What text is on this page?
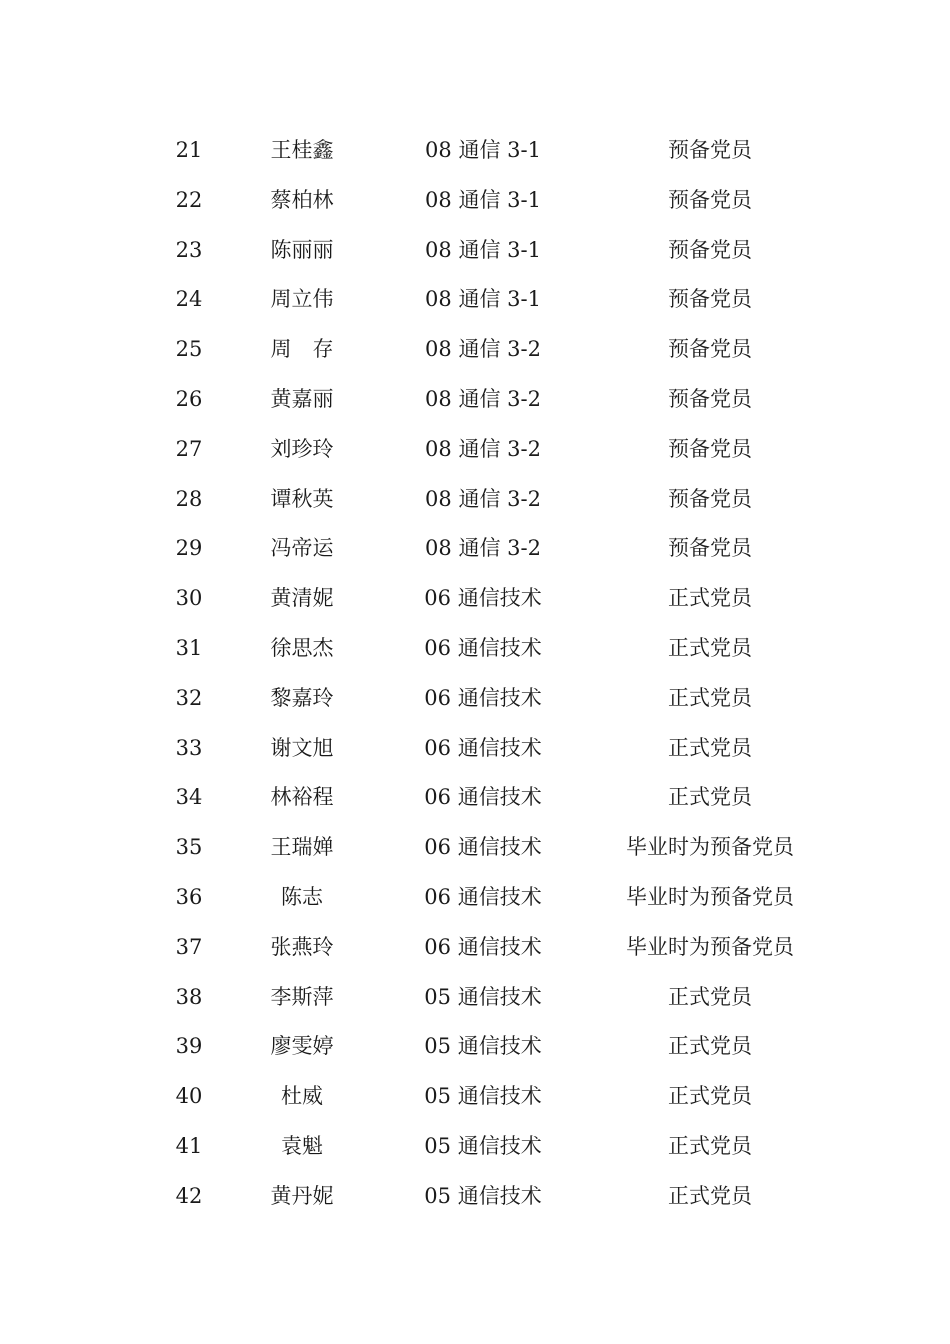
21	王桂鑫	08 通信 3-1	预备党员
22	蔡柏林	08 通信 3-1	预备党员
23	陈丽丽	08 通信 3-1	预备党员
24	周立伟	08 通信 3-1	预备党员
25	周　存	08 通信 3-2	预备党员
26	黄嘉丽	08 通信 3-2	预备党员
27	刘珍玲	08 通信 3-2	预备党员
28	谭秋英	08 通信 3-2	预备党员
29	冯帝运	08 通信 3-2	预备党员
30	黄清妮	06 通信技术	正式党员
31	徐思杰	06 通信技术	正式党员
32	黎嘉玲	06 通信技术	正式党员
33	谢文旭	06 通信技术	正式党员
34	林裕程	06 通信技术	正式党员
35	王瑞婵	06 通信技术	毕业时为预备党员
36	陈志	06 通信技术	毕业时为预备党员
37	张燕玲	06 通信技术	毕业时为预备党员
38	李斯萍	05 通信技术	正式党员
39	廖雯婷	05 通信技术	正式党员
40	杜威	05 通信技术	正式党员
41	袁魁	05 通信技术	正式党员
42	黄丹妮	05 通信技术	正式党员
